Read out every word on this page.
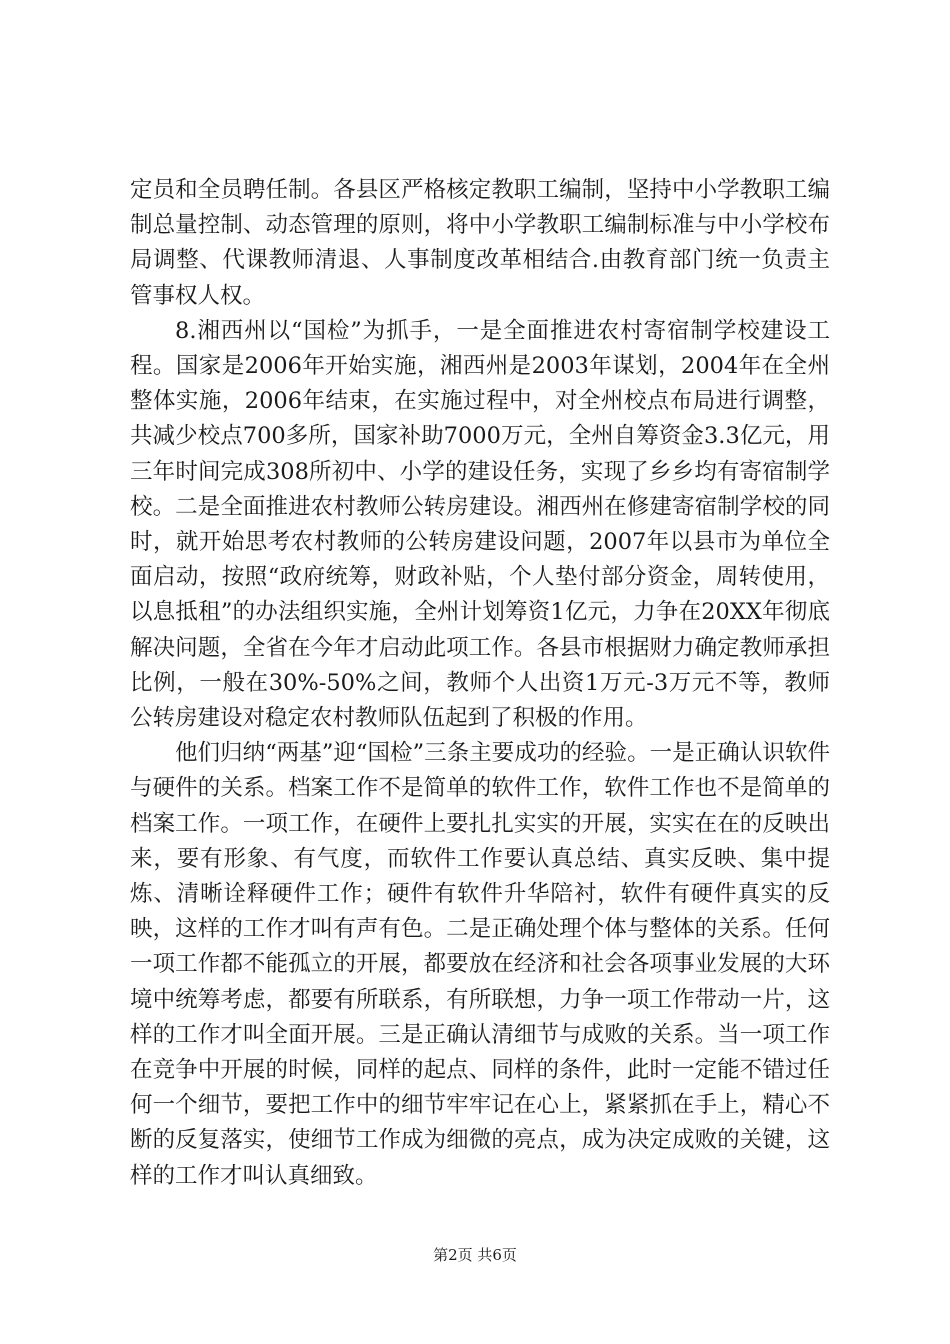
定员和全员聘任制。各县区严格核定教职工编制，坚持中小学教职工编制总量控制、动态管理的原则，将中小学教职工编制标准与中小学校布局调整、代课教师清退、人事制度改革相结合.由教育部门统一负责主管事权人权。

8.湘西州以“国检”为抓手，一是全面推进农村寄宿制学校建设工程。国家是2006年开始实施，湘西州是2003年谋划，2004年在全州整体实施，2006年结束，在实施过程中，对全州校点布局进行调整，共减少校点700多所，国家补助7000万元，全州自筹资金3.3亿元，用三年时间完成308所初中、小学的建设任务，实现了乡乡均有寄宿制学校。二是全面推进农村教师公转房建设。湘西州在修建寄宿制学校的同时，就开始思考农村教师的公转房建设问题，2007年以县市为单位全面启动，按照“政府统筹，财政补贴，个人垫付部分资金，周转使用，以息抵租”的办法组织实施，全州计划筹资1亿元，力争在20XX年彻底解决问题，全省在今年才启动此项工作。各县市根据财力确定教师承担比例，一般在30%-50%之间，教师个人出资1万元-3万元不等，教师公转房建设对稳定农村教师队伍起到了积极的作用。

他们归纳“两基”迎“国检”三条主要成功的经验。一是正确认识软件与硬件的关系。档案工作不是简单的软件工作，软件工作也不是简单的档案工作。一项工作，在硬件上要扎扎实实的开展，实实在在的反映出来，要有形象、有气度，而软件工作要认真总结、真实反映、集中提炼、清晰诠释硬件工作；硬件有软件升华陪衬，软件有硬件真实的反映，这样的工作才叫有声有色。二是正确处理个体与整体的关系。任何一项工作都不能孤立的开展，都要放在经济和社会各项事业发展的大环境中统筹考虑，都要有所联系，有所联想，力争一项工作带动一片，这样的工作才叫全面开展。三是正确认清细节与成败的关系。当一项工作在竞争中开展的时候，同样的起点、同样的条件，此时一定能不错过任何一个细节，要把工作中的细节牢牢记在心上，紧紧抓在手上，精心不断的反复落实，使细节工作成为细微的亮点，成为决定成败的关键，这样的工作才叫认真细致。

第2页 共6页
